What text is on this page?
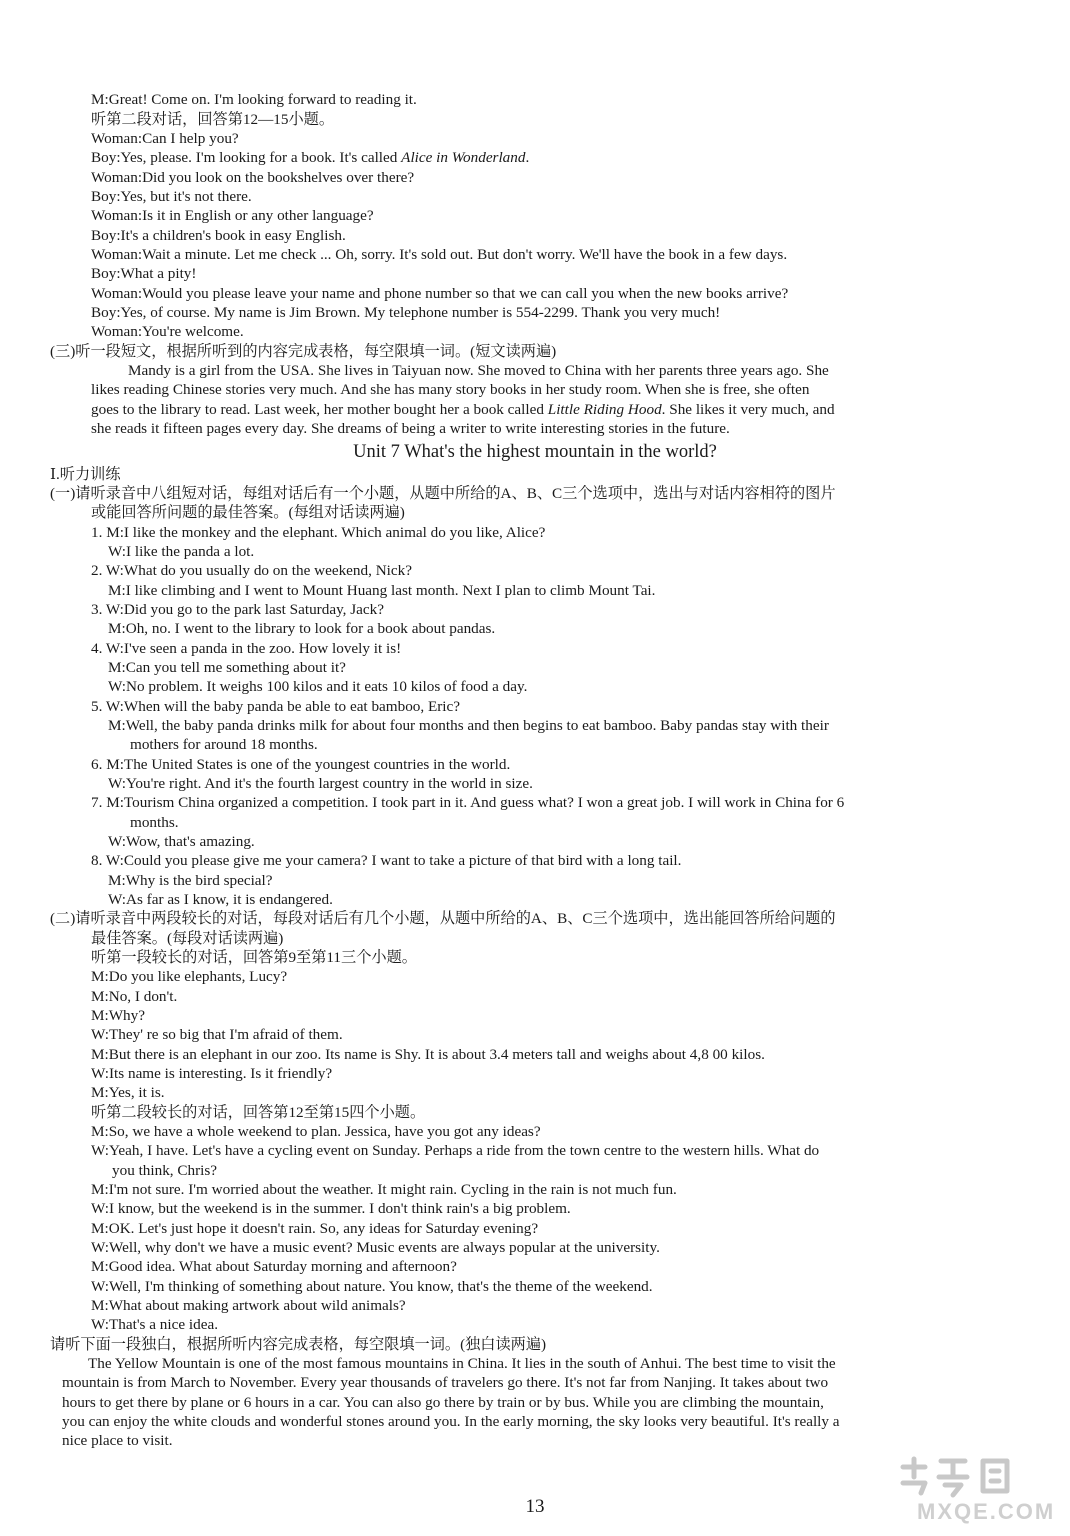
M:Great! Come on. I'm looking forward to reading it.
听第二段对话，回答第12—15小题。
Woman:Can I help you?
Boy:Yes, please. I'm looking for a book. It's called Alice in Wonderland.
Woman:Did you look on the bookshelves over there?
Boy:Yes, but it's not there.
Woman:Is it in English or any other language?
Boy:It's a children's book in easy English.
Woman:Wait a minute. Let me check ... Oh, sorry. It's sold out. But don't worry. We'll have the book in a few days.
Boy:What a pity!
Woman:Would you please leave your name and phone number so that we can call you when the new books arrive?
Boy:Yes, of course. My name is Jim Brown. My telephone number is 554-2299. Thank you very much!
Woman:You're welcome.
(三)听一段短文，根据所听到的内容完成表格，每空限填一词。(短文读两遍)
Mandy is a girl from the USA. She lives in Taiyuan now. She moved to China with her parents three years ago. She
likes reading Chinese stories very much. And she has many story books in her study room. When she is free, she often
goes to the library to read. Last week, her mother bought her a book called Little Riding Hood. She likes it very much, and
she reads it fifteen pages every day. She dreams of being a writer to write interesting stories in the future.
Unit 7 What's the highest mountain in the world?
Ⅰ.听力训练
(一)请听录音中八组短对话，每组对话后有一个小题，从题中所给的A、B、C三个选项中，选出与对话内容相符的图片
或能回答所问题的最佳答案。(每组对话读两遍)
1. M:I like the monkey and the elephant. Which animal do you like, Alice?
W:I like the panda a lot.
2. W:What do you usually do on the weekend, Nick?
M:I like climbing and I went to Mount Huang last month. Next I plan to climb Mount Tai.
3. W:Did you go to the park last Saturday, Jack?
M:Oh, no. I went to the library to look for a book about pandas.
4. W:I've seen a panda in the zoo. How lovely it is!
M:Can you tell me something about it?
W:No problem. It weighs 100 kilos and it eats 10 kilos of food a day.
5. W:When will the baby panda be able to eat bamboo, Eric?
M:Well, the baby panda drinks milk for about four months and then begins to eat bamboo. Baby pandas stay with their
mothers for around 18 months.
6. M:The United States is one of the youngest countries in the world.
W:You're right. And it's the fourth largest country in the world in size.
7. M:Tourism China organized a competition. I took part in it. And guess what? I won a great job. I will work in China for 6
months.
W:Wow, that's amazing.
8. W:Could you please give me your camera? I want to take a picture of that bird with a long tail.
M:Why is the bird special?
W:As far as I know, it is endangered.
(二)请听录音中两段较长的对话，每段对话后有几个小题，从题中所给的A、B、C三个选项中，选出能回答所给问题的
最佳答案。(每段对话读两遍)
听第一段较长的对话，回答第9至第11三个小题。
M:Do you like elephants, Lucy?
M:No, I don't.
M:Why?
W:They' re so big that I'm afraid of them.
M:But there is an elephant in our zoo. Its name is Shy. It is about 3.4 meters tall and weighs about 4,8 00 kilos.
W:Its name is interesting. Is it friendly?
M:Yes, it is.
听第二段较长的对话，回答第12至第15四个小题。
M:So, we have a whole weekend to plan. Jessica, have you got any ideas?
W:Yeah, I have. Let's have a cycling event on Sunday. Perhaps a ride from the town centre to the western hills. What do
you think, Chris?
M:I'm not sure. I'm worried about the weather. It might rain. Cycling in the rain is not much fun.
W:I know, but the weekend is in the summer. I don't think rain's a big problem.
M:OK. Let's just hope it doesn't rain. So, any ideas for Saturday evening?
W:Well, why don't we have a music event? Music events are always popular at the university.
M:Good idea. What about Saturday morning and afternoon?
W:Well, I'm thinking of something about nature. You know, that's the theme of the weekend.
M:What about making artwork about wild animals?
W:That's a nice idea.
请听下面一段独白，根据所听内容完成表格，每空限填一词。(独白读两遍)
The Yellow Mountain is one of the most famous mountains in China. It lies in the south of Anhui. The best time to visit the
mountain is from March to November. Every year thousands of travelers go there. It's not far from Nanjing. It takes about two
hours to get there by plane or 6 hours in a car. You can also go there by train or by bus. While you are climbing the mountain,
you can enjoy the white clouds and wonderful stones around you. In the early morning, the sky looks very beautiful. It's really a
nice place to visit.
13	MXQE.COM
